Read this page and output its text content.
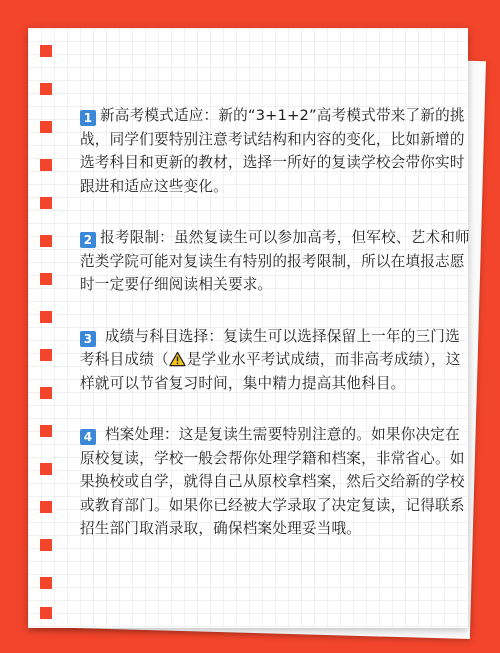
1 新高考模式适应：新的“3+1+2”高考模式带来了新的挑战，同学们要特别注意考试结构和内容的变化，比如新增的选考科目和更新的教材，选择一所好的复读学校会带你实时跟进和适应这些变化。

2 报考限制：虽然复读生可以参加高考，但军校、艺术和师范类学院可能对复读生有特别的报考限制，所以在填报志愿时一定要仔细阅读相关要求。

3 成绩与科目选择：复读生可以选择保留上一年的三门选考科目成绩（ 是学业水平考试成绩，而非高考成绩），这样就可以节省复习时间，集中精力提高其他科目。

4 档案处理：这是复读生需要特别注意的。如果你决定在原校复读，学校一般会帮你处理学籍和档案，非常省心。如果换校或自学，就得自己从原校拿档案，然后交给新的学校或教育部门。如果你已经被大学录取了决定复读，记得联系招生部门取消录取，确保档案处理妥当哦。
